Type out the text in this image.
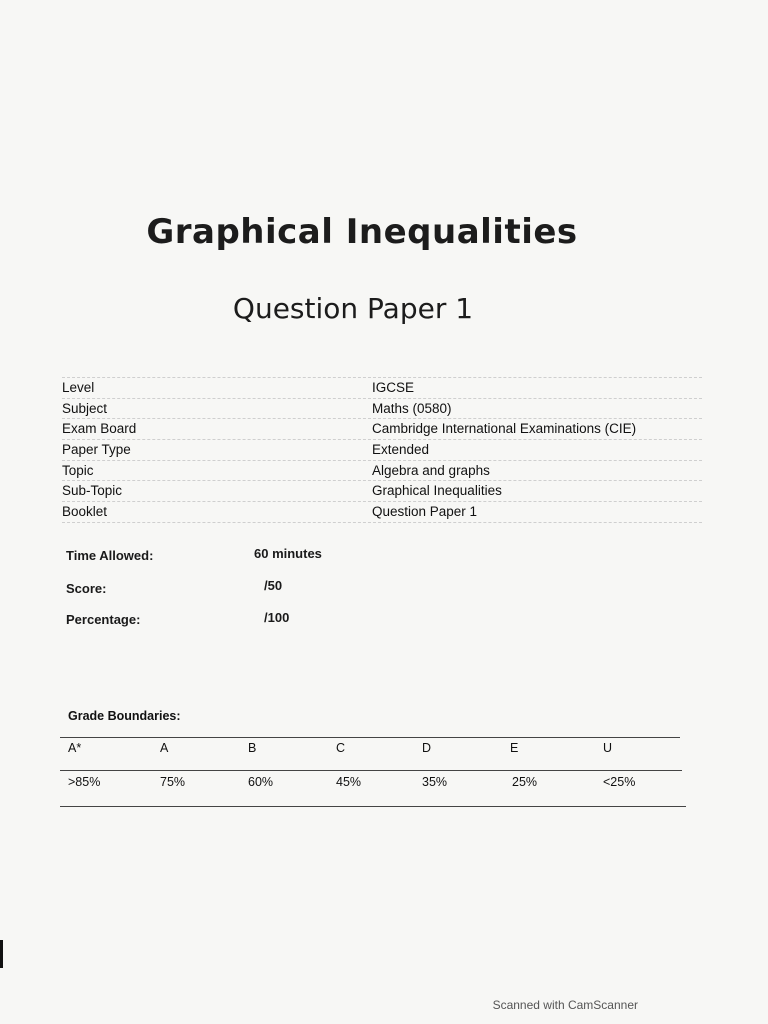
Graphical Inequalities
Question Paper 1
Level	IGCSE
Subject	Maths (0580)
Exam Board	Cambridge International Examinations (CIE)
Paper Type	Extended
Topic	Algebra and graphs
Sub-Topic	Graphical Inequalities
Booklet	Question Paper 1
Time Allowed:	60 minutes
Score:	/50
Percentage:	/100
Grade Boundaries:
A*	A	B	C	D	E	U
>85%	75%	60%	45%	35%	25%	<25%
Scanned with CamScanner
